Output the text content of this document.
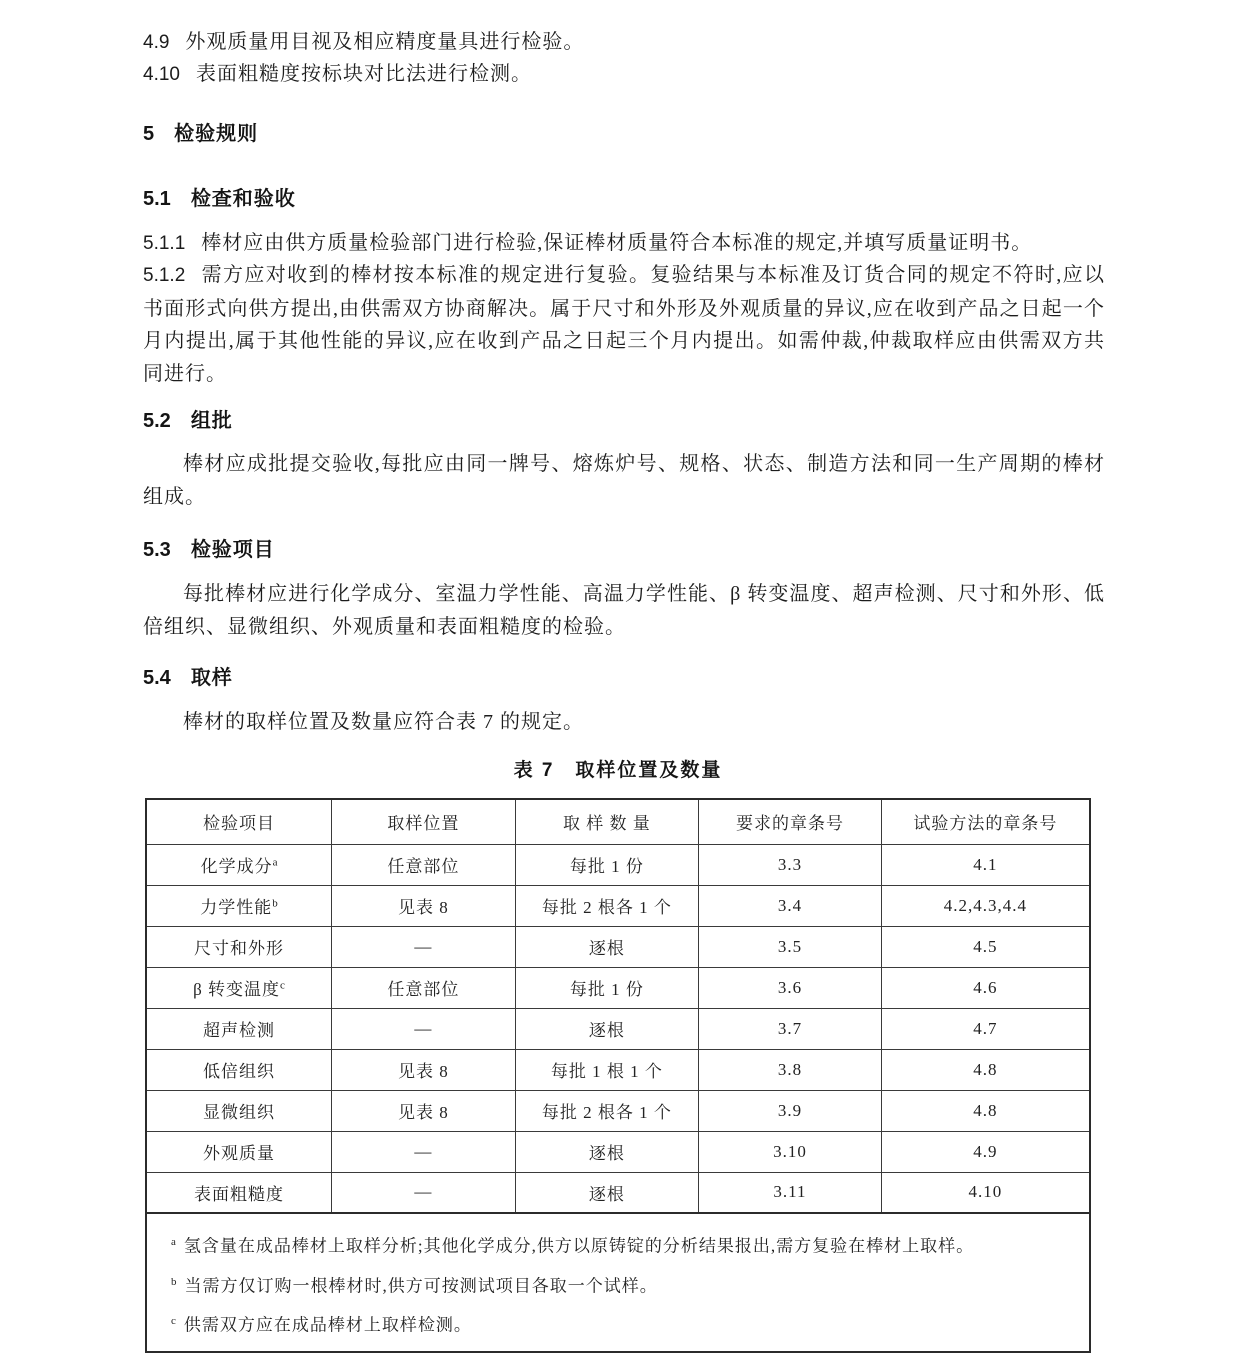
4.9 外观质量用目视及相应精度量具进行检验。

4.10 表面粗糙度按标块对比法进行检测。

5 检验规则
5.1 检查和验收

5.1.1 棒材应由供方质量检验部门进行检验,保证棒材质量符合本标准的规定,并填写质量证明书。

5.1.2 需方应对收到的棒材按本标准的规定进行复验。复验结果与本标准及订货合同的规定不符时,应以书面形式向供方提出,由供需双方协商解决。属于尺寸和外形及外观质量的异议,应在收到产品之日起一个月内提出,属于其他性能的异议,应在收到产品之日起三个月内提出。如需仲裁,仲裁取样应由供需双方共同进行。

5.2 组批

棒材应成批提交验收,每批应由同一牌号、熔炼炉号、规格、状态、制造方法和同一生产周期的棒材组成。

5.3 检验项目

每批棒材应进行化学成分、室温力学性能、高温力学性能、β 转变温度、超声检测、尺寸和外形、低倍组织、显微组织、外观质量和表面粗糙度的检验。

5.4 取样

棒材的取样位置及数量应符合表 7 的规定。

表 7　取样位置及数量
检验项目	取样位置	取 样 数 量	要求的章条号	试验方法的章条号
化学成分$^a$	任意部位	每批 1 份	3.3	4.1
力学性能$^b$	见表 8	每批 2 根各 1 个	3.4	4.2,4.3,4.4
尺寸和外形	—	逐根	3.5	4.5
β 转变温度$^c$	任意部位	每批 1 份	3.6	4.6
超声检测	—	逐根	3.7	4.7
低倍组织	见表 8	每批 1 根 1 个	3.8	4.8
显微组织	见表 8	每批 2 根各 1 个	3.9	4.8
外观质量	—	逐根	3.10	4.9
表面粗糙度	—	逐根	3.11	4.10

$^a$ 氢含量在成品棒材上取样分析;其他化学成分,供方以原铸锭的分析结果报出,需方复验在棒材上取样。
$^b$ 当需方仅订购一根棒材时,供方可按测试项目各取一个试样。
$^c$ 供需双方应在成品棒材上取样检测。				
